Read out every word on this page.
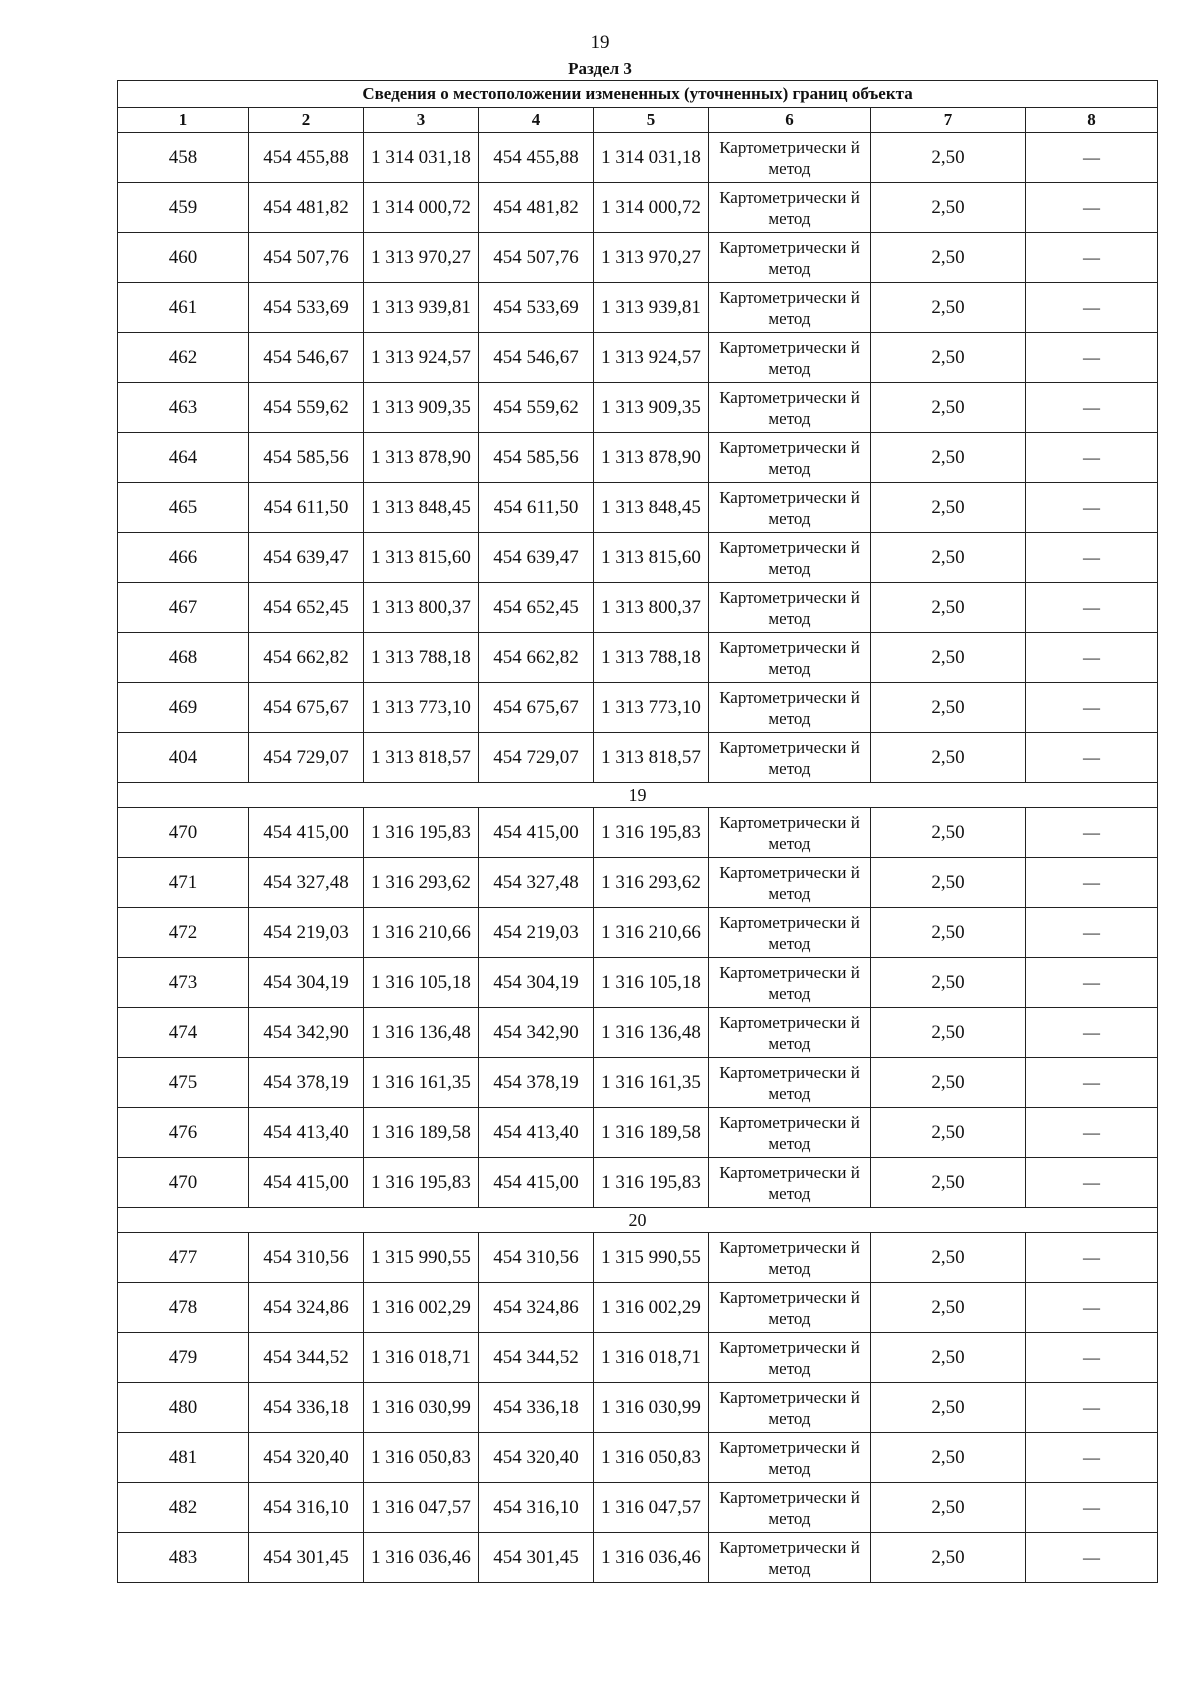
19
Раздел 3
Сведения о местоположении измененных (уточненных) границ объекта							
1	2	3	4	5	6	7	8
458	454 455,88	1 314 031,18	454 455,88	1 314 031,18	Картометрически й метод	2,50	—
459	454 481,82	1 314 000,72	454 481,82	1 314 000,72	Картометрически й метод	2,50	—
460	454 507,76	1 313 970,27	454 507,76	1 313 970,27	Картометрически й метод	2,50	—
461	454 533,69	1 313 939,81	454 533,69	1 313 939,81	Картометрически й метод	2,50	—
462	454 546,67	1 313 924,57	454 546,67	1 313 924,57	Картометрически й метод	2,50	—
463	454 559,62	1 313 909,35	454 559,62	1 313 909,35	Картометрически й метод	2,50	—
464	454 585,56	1 313 878,90	454 585,56	1 313 878,90	Картометрически й метод	2,50	—
465	454 611,50	1 313 848,45	454 611,50	1 313 848,45	Картометрически й метод	2,50	—
466	454 639,47	1 313 815,60	454 639,47	1 313 815,60	Картометрически й метод	2,50	—
467	454 652,45	1 313 800,37	454 652,45	1 313 800,37	Картометрически й метод	2,50	—
468	454 662,82	1 313 788,18	454 662,82	1 313 788,18	Картометрически й метод	2,50	—
469	454 675,67	1 313 773,10	454 675,67	1 313 773,10	Картометрически й метод	2,50	—
404	454 729,07	1 313 818,57	454 729,07	1 313 818,57	Картометрически й метод	2,50	—
19							
470	454 415,00	1 316 195,83	454 415,00	1 316 195,83	Картометрически й метод	2,50	—
471	454 327,48	1 316 293,62	454 327,48	1 316 293,62	Картометрически й метод	2,50	—
472	454 219,03	1 316 210,66	454 219,03	1 316 210,66	Картометрически й метод	2,50	—
473	454 304,19	1 316 105,18	454 304,19	1 316 105,18	Картометрически й метод	2,50	—
474	454 342,90	1 316 136,48	454 342,90	1 316 136,48	Картометрически й метод	2,50	—
475	454 378,19	1 316 161,35	454 378,19	1 316 161,35	Картометрически й метод	2,50	—
476	454 413,40	1 316 189,58	454 413,40	1 316 189,58	Картометрически й метод	2,50	—
470	454 415,00	1 316 195,83	454 415,00	1 316 195,83	Картометрически й метод	2,50	—
20							
477	454 310,56	1 315 990,55	454 310,56	1 315 990,55	Картометрически й метод	2,50	—
478	454 324,86	1 316 002,29	454 324,86	1 316 002,29	Картометрически й метод	2,50	—
479	454 344,52	1 316 018,71	454 344,52	1 316 018,71	Картометрически й метод	2,50	—
480	454 336,18	1 316 030,99	454 336,18	1 316 030,99	Картометрически й метод	2,50	—
481	454 320,40	1 316 050,83	454 320,40	1 316 050,83	Картометрически й метод	2,50	—
482	454 316,10	1 316 047,57	454 316,10	1 316 047,57	Картометрически й метод	2,50	—
483	454 301,45	1 316 036,46	454 301,45	1 316 036,46	Картометрически й метод	2,50	—
